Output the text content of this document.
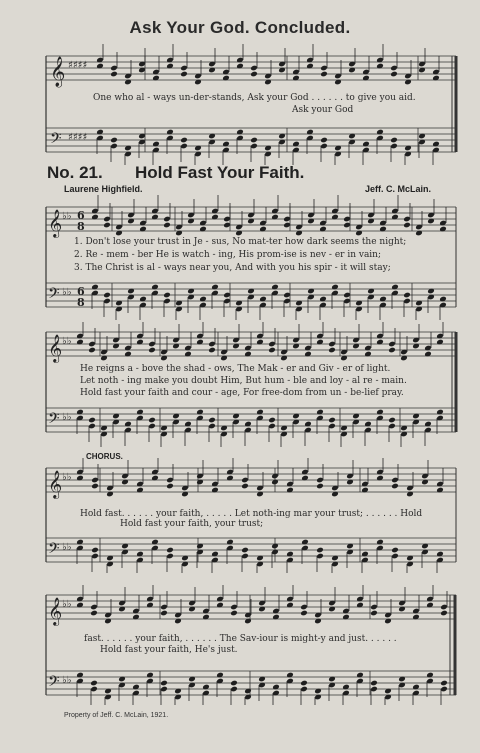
Ask Your God. Concluded.
𝄞 ♯♯♯♯
𝄢 ♯♯♯♯
One who al - ways un-der-stands, Ask your God . . . . . . to give you aid.
Ask your God
No. 21. Hold Fast Your Faith.
Laurene Highfield.	Jeff. C. McLain.
𝄞 ♭♭ 6
8
𝄢 ♭♭ 6
8
1. Don't lose your trust in Je - sus, No mat-ter how dark seems the night;
2. Re - mem - ber He is watch - ing, His prom-ise is nev - er in vain;
3. The Christ is al - ways near you, And with you his spir - it will stay;
𝄞 ♭♭
𝄢 ♭♭
He reigns a - bove the shad - ows, The Mak - er and Giv - er of light.
Let noth - ing make you doubt Him, But hum - ble and loy - al re - main.
Hold fast your faith and cour - age, For free-dom from un - be-lief pray.
CHORUS.
𝄞 ♭♭
𝄢 ♭♭
Hold fast. . . . . . your faith, . . . . . Let noth-ing mar your trust; . . . . . . Hold
Hold fast your faith, your trust;
𝄞 ♭♭
𝄢 ♭♭
fast. . . . . . your faith, . . . . . . The Sav-iour is might-y and just. . . . . .
Hold fast your faith, He's just.
Property of Jeff. C. McLain, 1921.
